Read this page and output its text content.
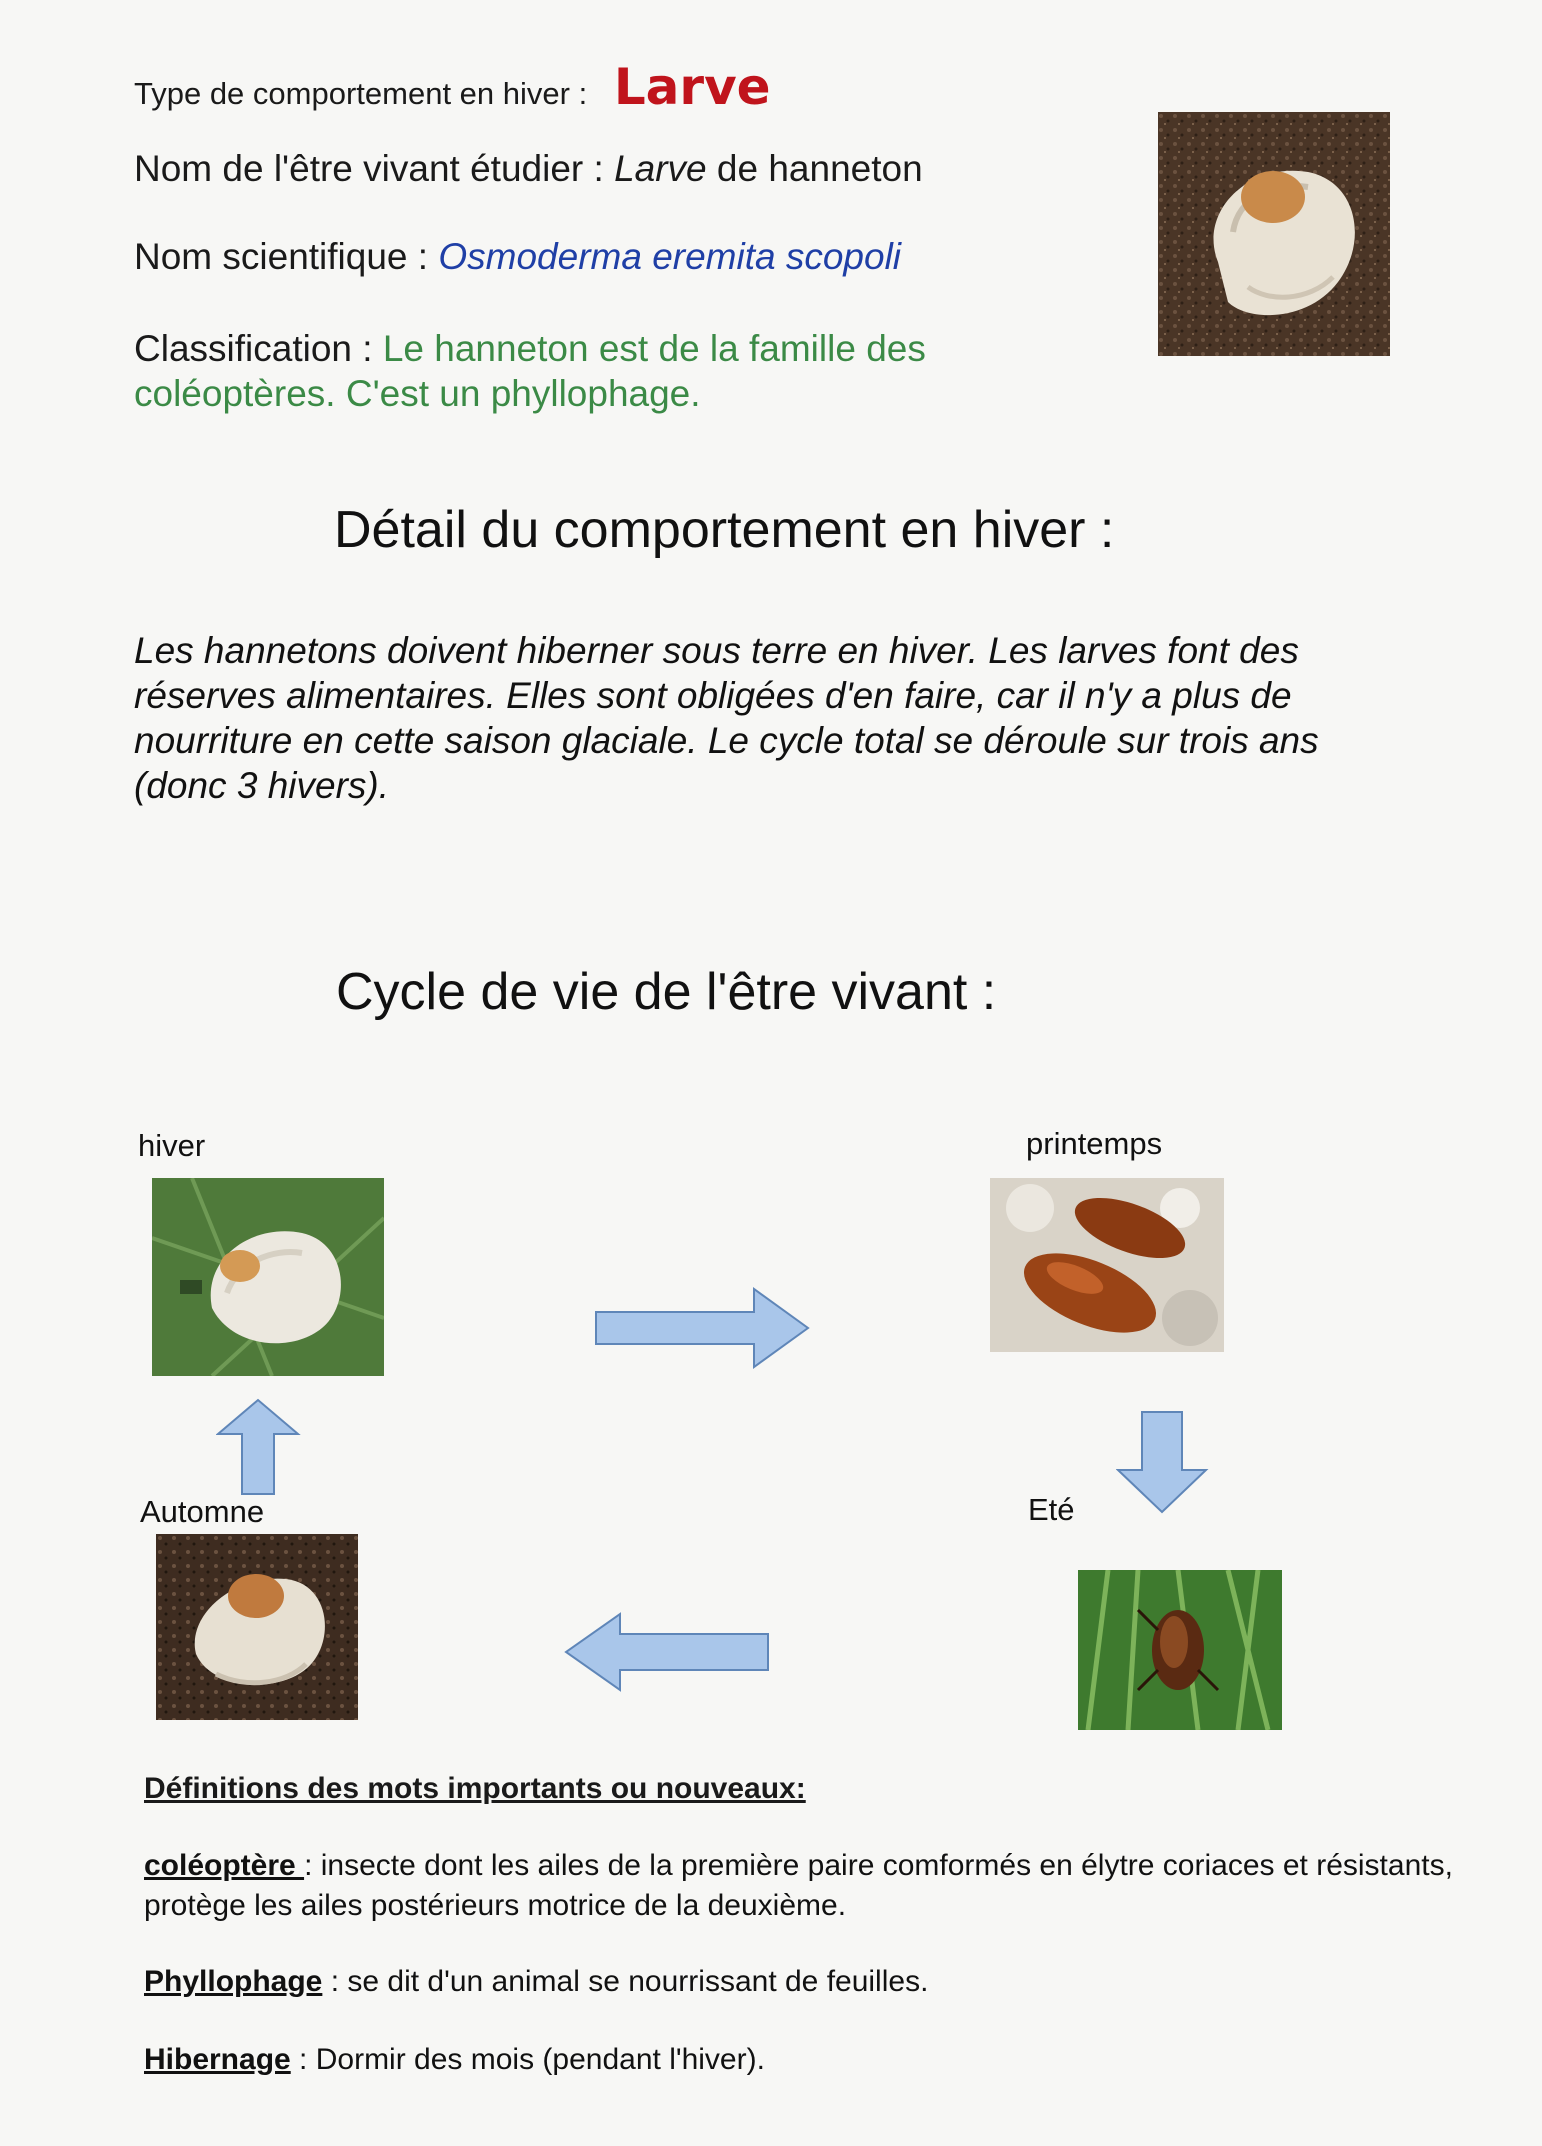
Type de comportement en hiver : Larve
Nom de l'être vivant étudier : Larve de hanneton
Nom scientifique : Osmoderma eremita scopoli
Classification : Le hanneton est de la famille des
coléoptères. C'est un phyllophage.
Détail du comportement en hiver :
Les hannetons doivent hiberner sous terre en hiver. Les larves font des
réserves alimentaires. Elles sont obligées d'en faire, car il n'y a plus de
nourriture en cette saison glaciale. Le cycle total se déroule sur trois ans
(donc 3 hivers).
Cycle de vie de l'être vivant :
hiver	printemps
Eté
Automne
Définitions des mots importants ou nouveaux:
coléoptère : insecte dont les ailes de la première paire comformés en élytre coriaces et résistants, protège les ailes postérieurs motrice de la deuxième.
Phyllophage : se dit d'un animal se nourrissant de feuilles.
Hibernage : Dormir des mois (pendant l'hiver).
